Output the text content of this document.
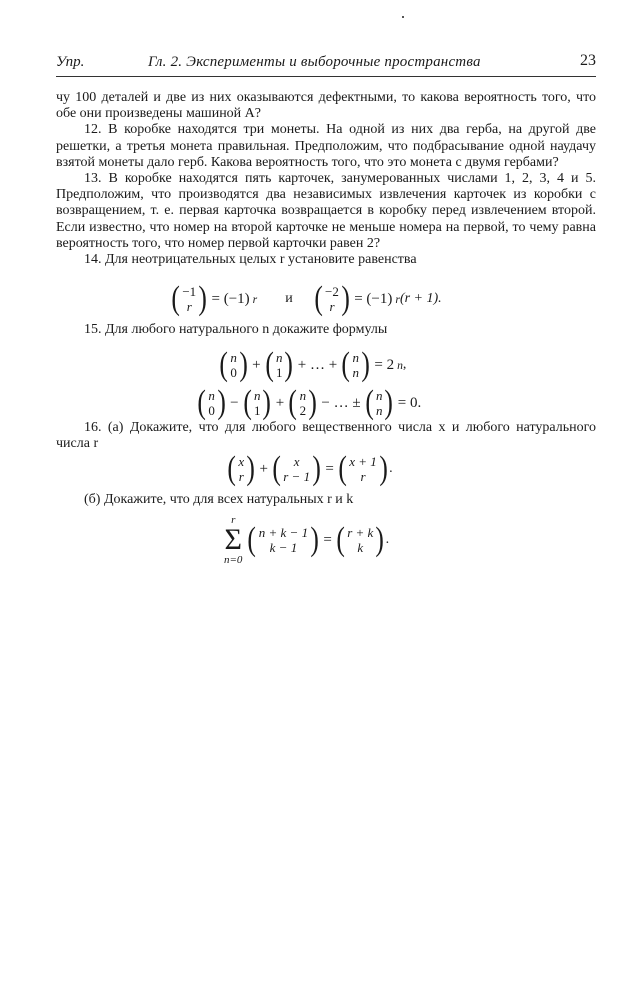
Упр.	Гл. 2. Эксперименты и выборочные пространства	23

чу 100 деталей и две из них оказываются дефектными, то какова вероятность того, что обе они произведены машиной A?

12. В коробке находятся три монеты. На одной из них два герба, на другой две решетки, а третья монета правильная. Предположим, что подбрасывание одной наудачу взятой монеты дало герб. Какова вероятность того, что это монета с двумя гербами?

13. В коробке находятся пять карточек, занумерованных числами 1, 2, 3, 4 и 5. Предположим, что производятся два независимых извлечения карточек из коробки с возвращением, т. е. первая карточка возвращается в коробку перед извлечением второй. Если известно, что номер на второй карточке не меньше номера на первой, то чему равна вероятность того, что номер первой карточки равен 2?

14. Для неотрицательных целых r установите равенства

( −1
r ) = (−1) r и ( −2
r ) = (−1) r (r + 1).
15. Для любого натурального n докажите формулы
( n
0 ) + ( n
1 ) + … + ( n
n ) = 2 n ,
( n
0 ) − ( n
1 ) + ( n
2 ) − … ± ( n
n ) = 0.
16. (а) Докажите, что для любого вещественного числа x и любого натурального числа r
( x
r ) + ( x
r − 1 ) = ( x + 1
r ) .
(б) Докажите, что для всех натуральных r и k
r
Σ
n=0
( n + k − 1
k − 1 ) = ( r + k
k ) .
